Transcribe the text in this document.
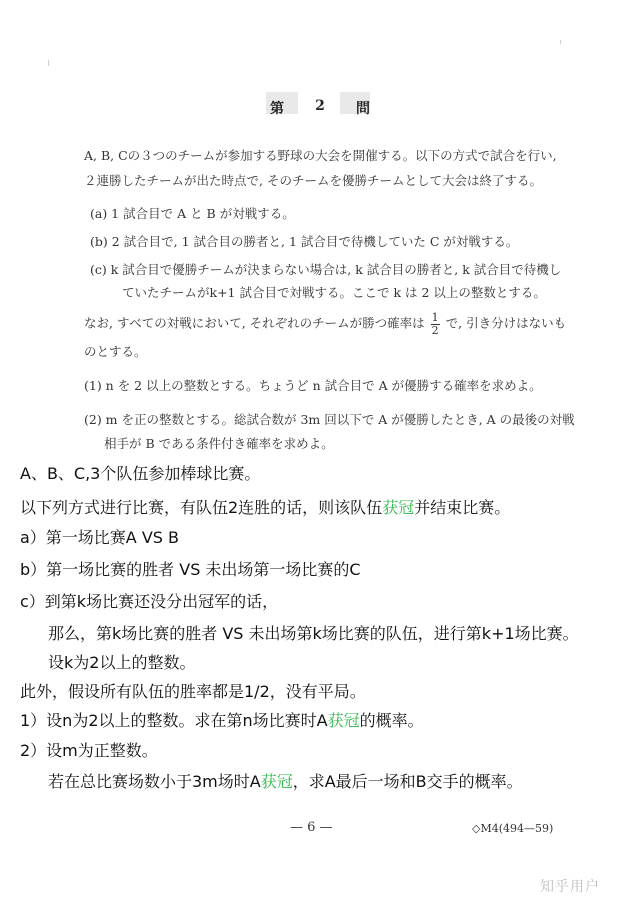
第 2 問
A, B, Cの３つのチームが参加する野球の大会を開催する。以下の方式で試合を行い,
２連勝したチームが出た時点で, そのチームを優勝チームとして大会は終了する。
(a) 1 試合目で A と B が対戦する。
(b) 2 試合目で, 1 試合目の勝者と, 1 試合目で待機していた C が対戦する。
(c) k 試合目で優勝チームが決まらない場合は, k 試合目の勝者と, k 試合目で待機し
ていたチームがk+1 試合目で対戦する。ここで k は 2 以上の整数とする。
なお, すべての対戦において, それぞれのチームが勝つ確率は $\frac{1}{2}$ で, 引き分けはないも
のとする。
(1) n を 2 以上の整数とする。ちょうど n 試合目で A が優勝する確率を求めよ。
(2) m を正の整数とする。総試合数が 3m 回以下で A が優勝したとき, A の最後の対戦
相手が B である条件付き確率を求めよ。
A、B、C,3个队伍参加棒球比赛。
以下列方式进行比赛，有队伍2连胜的话，则该队伍获冠并结束比赛。
a）第一场比赛A VS B
b）第一场比赛的胜者 VS 未出场第一场比赛的C
c）到第k场比赛还没分出冠军的话，
那么，第k场比赛的胜者 VS 未出场第k场比赛的队伍，进行第k+1场比赛。
设k为2以上的整数。
此外，假设所有队伍的胜率都是1/2，没有平局。
1）设n为2以上的整数。求在第n场比赛时A获冠的概率。
2）设m为正整数。
若在总比赛场数小于3m场时A获冠，求A最后一场和B交手的概率。
— 6 —	◇M4(494—59)
知乎用户
